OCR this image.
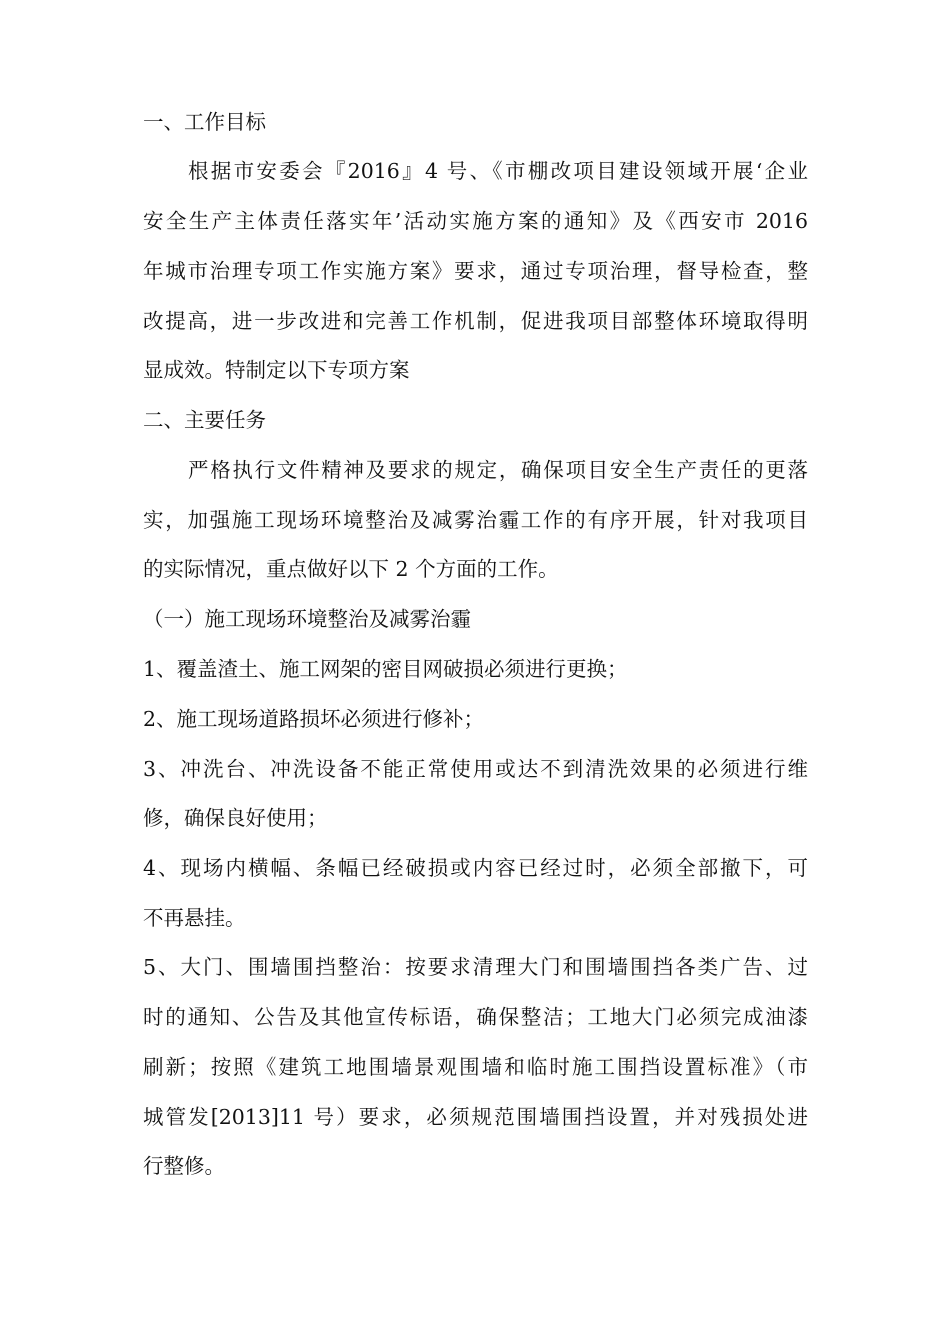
一、工作目标
根据市安委会『2016』4 号、《市棚改项目建设领域开展‘企业
安全生产主体责任落实年’活动实施方案的通知》及《西安市 2016
年城市治理专项工作实施方案》要求，通过专项治理，督导检查，整
改提高，进一步改进和完善工作机制，促进我项目部整体环境取得明
显成效。特制定以下专项方案
二、主要任务
严格执行文件精神及要求的规定，确保项目安全生产责任的更落
实，加强施工现场环境整治及减雾治霾工作的有序开展，针对我项目
的实际情况，重点做好以下 2 个方面的工作。
（一）施工现场环境整治及减雾治霾
1、覆盖渣土、施工网架的密目网破损必须进行更换；
2、施工现场道路损坏必须进行修补；
3、冲洗台、冲洗设备不能正常使用或达不到清洗效果的必须进行维
修，确保良好使用；
4、现场内横幅、条幅已经破损或内容已经过时，必须全部撤下，可
不再悬挂。
5、大门、围墙围挡整治：按要求清理大门和围墙围挡各类广告、过
时的通知、公告及其他宣传标语，确保整洁；工地大门必须完成油漆
刷新；按照《建筑工地围墙景观围墙和临时施工围挡设置标准》（市
城管发[2013]11 号）要求，必须规范围墙围挡设置，并对残损处进
行整修。
